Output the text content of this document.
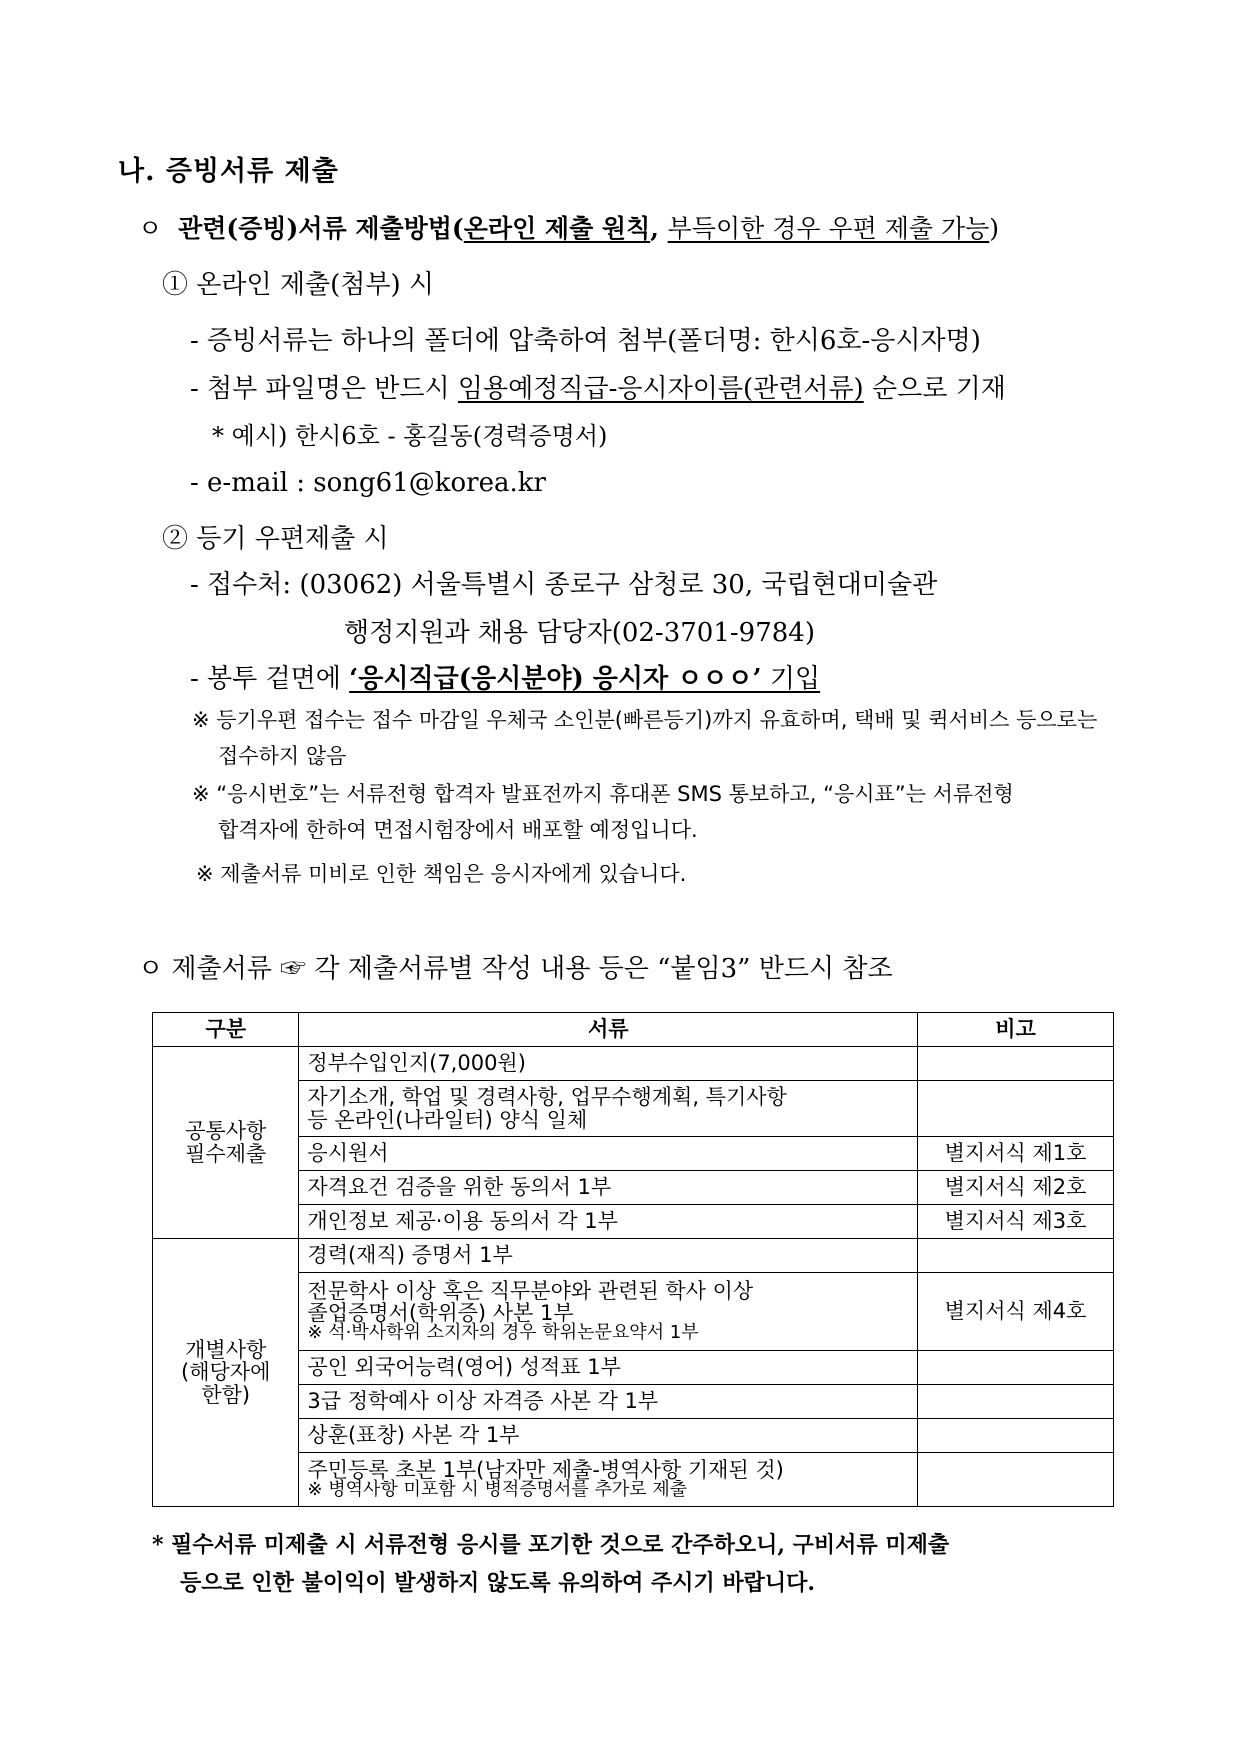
나. 증빙서류 제출
ㅇ 관련(증빙)서류 제출방법(온라인 제출 원칙, 부득이한 경우 우편 제출 가능)
① 온라인 제출(첨부) 시
- 증빙서류는 하나의 폴더에 압축하여 첨부(폴더명: 한시6호-응시자명)
- 첨부 파일명은 반드시 임용예정직급-응시자이름(관련서류) 순으로 기재
* 예시) 한시6호 - 홍길동(경력증명서)
- e-mail : song61@korea.kr
② 등기 우편제출 시
- 접수처: (03062) 서울특별시 종로구 삼청로 30, 국립현대미술관
행정지원과 채용 담당자(02-3701-9784)
- 봉투 겉면에 ‘응시직급(응시분야) 응시자 ㅇㅇㅇ’ 기입
※ 등기우편 접수는 접수 마감일 우체국 소인분(빠른등기)까지 유효하며, 택배 및 퀵서비스 등으로는
접수하지 않음
※ “응시번호”는 서류전형 합격자 발표전까지 휴대폰 SMS 통보하고, “응시표”는 서류전형
합격자에 한하여 면접시험장에서 배포할 예정입니다.
※ 제출서류 미비로 인한 책임은 응시자에게 있습니다.
ㅇ 제출서류 ☞ 각 제출서류별 작성 내용 등은 “붙임3” 반드시 참조
구분	서류	비고
공통사항
필수제출	정부수입인지(7,000원)	
	자기소개, 학업 및 경력사항, 업무수행계획, 특기사항
등 온라인(나라일터) 양식 일체	
	응시원서	별지서식 제1호
	자격요건 검증을 위한 동의서 1부	별지서식 제2호
	개인정보 제공·이용 동의서 각 1부	별지서식 제3호
개별사항
(해당자에
한함)	경력(재직) 증명서 1부	
	전문학사 이상 혹은 직무분야와 관련된 학사 이상
졸업증명서(학위증) 사본 1부
※ 석·박사학위 소지자의 경우 학위논문요약서 1부	별지서식 제4호
	공인 외국어능력(영어) 성적표 1부	
	3급 정학예사 이상 자격증 사본 각 1부	
	상훈(표창) 사본 각 1부	
	주민등록 초본 1부(남자만 제출-병역사항 기재된 것)
※ 병역사항 미포함 시 병적증명서를 추가로 제출	

* 필수서류 미제출 시 서류전형 응시를 포기한 것으로 간주하오니, 구비서류 미제출
등으로 인한 불이익이 발생하지 않도록 유의하여 주시기 바랍니다.
